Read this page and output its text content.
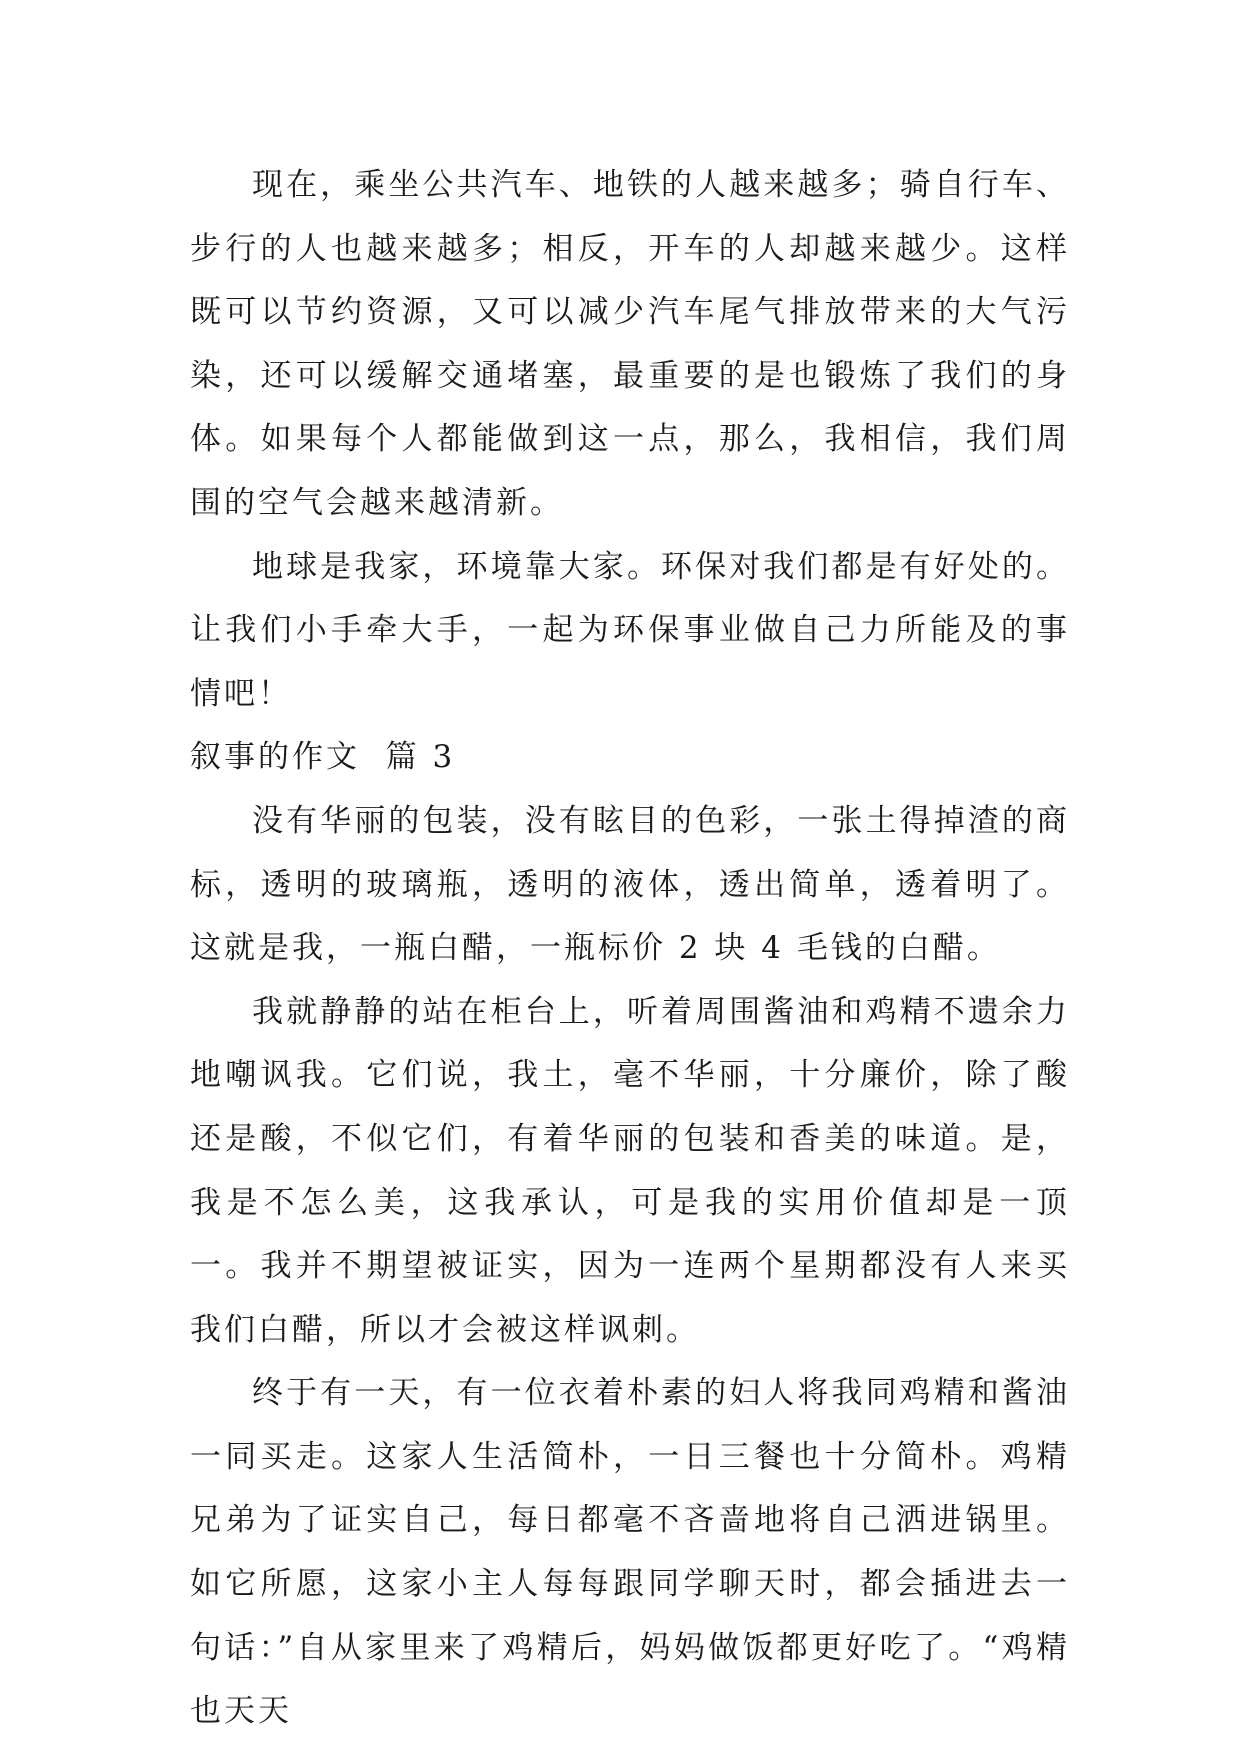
现在，乘坐公共汽车、地铁的人越来越多；骑自行车、步行的人也越来越多；相反，开车的人却越来越少。这样既可以节约资源，又可以减少汽车尾气排放带来的大气污染，还可以缓解交通堵塞，最重要的是也锻炼了我们的身体。如果每个人都能做到这一点，那么，我相信，我们周围的空气会越来越清新。

地球是我家，环境靠大家。环保对我们都是有好处的。让我们小手牵大手，一起为环保事业做自己力所能及的事情吧！

叙事的作文  篇 3

没有华丽的包装，没有眩目的色彩，一张土得掉渣的商标，透明的玻璃瓶，透明的液体，透出简单，透着明了。这就是我，一瓶白醋，一瓶标价 2 块 4 毛钱的白醋。

我就静静的站在柜台上，听着周围酱油和鸡精不遗余力地嘲讽我。它们说，我土，毫不华丽，十分廉价，除了酸还是酸，不似它们，有着华丽的包装和香美的味道。是，我是不怎么美，这我承认，可是我的实用价值却是一顶一。我并不期望被证实，因为一连两个星期都没有人来买我们白醋，所以才会被这样讽刺。

终于有一天，有一位衣着朴素的妇人将我同鸡精和酱油一同买走。这家人生活简朴，一日三餐也十分简朴。鸡精兄弟为了证实自己，每日都毫不吝啬地将自己洒进锅里。如它所愿，这家小主人每每跟同学聊天时，都会插进去一句话：”自从家里来了鸡精后，妈妈做饭都更好吃了。“鸡精也天天
